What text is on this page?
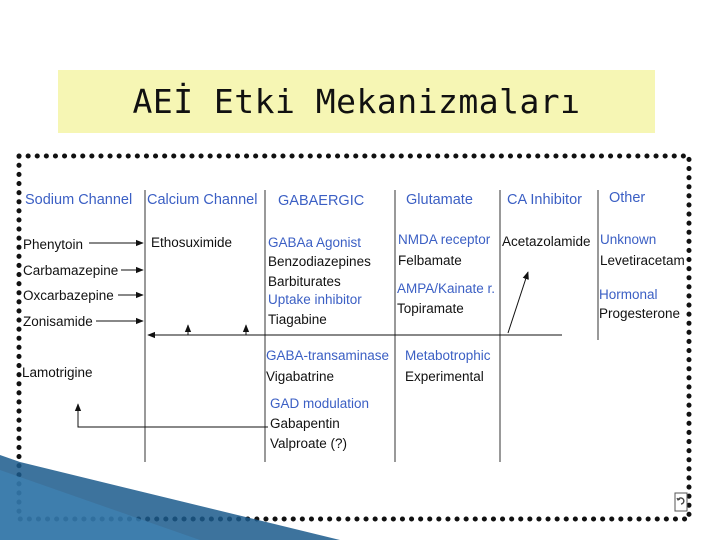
AEİ Etki Mekanizmaları
Sodium Channel Calcium Channel GABAERGIC	Glutamate CA Inhibitor Other
Phenytoin
Carbamazepine
Oxcarbazepine
Zonisamide
Lamotrigine
Ethosuximide	GABAa Agonist
Benzodiazepines
Barbiturates
Uptake inhibitor
Tiagabine
GABA-transaminase
Vigabatrine
GAD modulation
Gabapentin
Valproate (?)
NMDA receptor
Felbamate
AMPA/Kainate r.
Topiramate
Metabotrophic
Experimental
Acetazolamide Unknown
Levetiracetam
Hormonal
Progesterone
